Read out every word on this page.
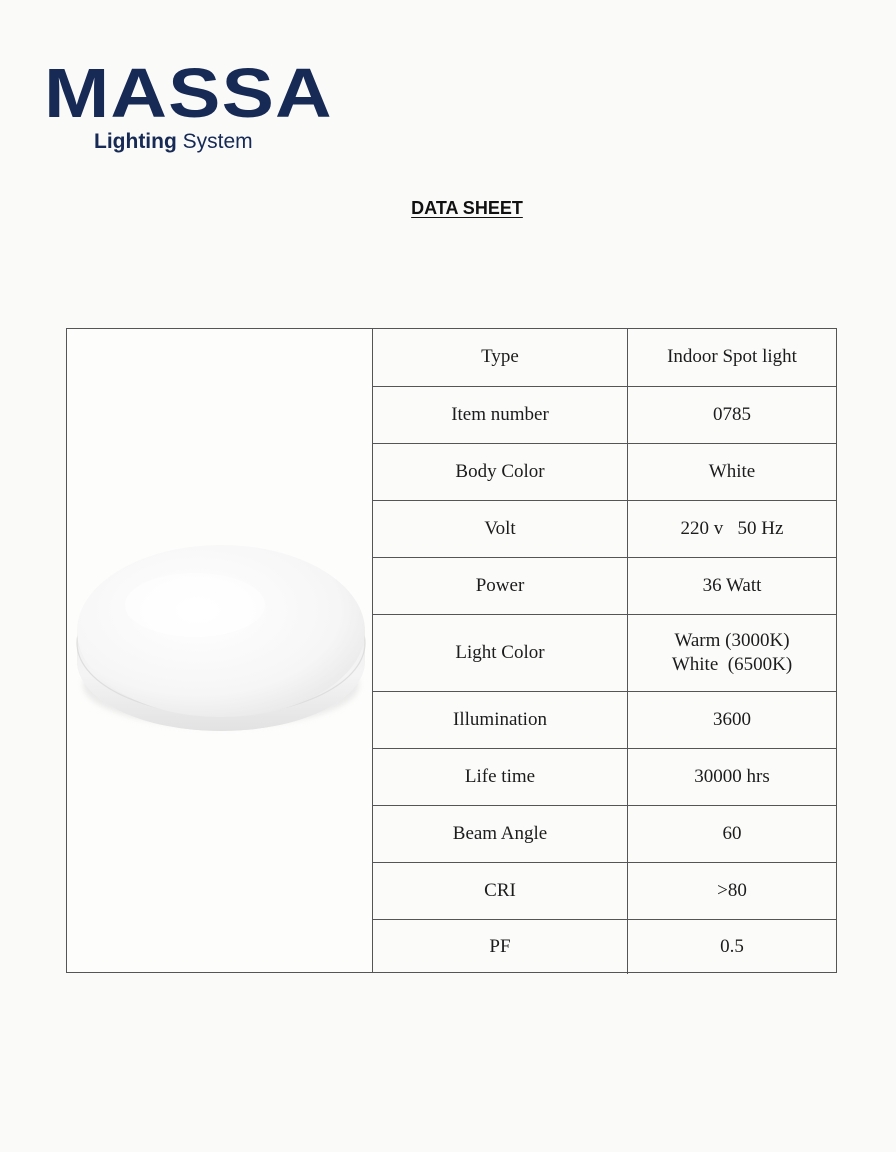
MASSA
Lighting System
DATA SHEET
Type	Indoor Spot light

Item number	0785

Body Color	White

Volt	220 v   50 Hz

Power	36 Watt

Light Color	Warm (3000K)
White  (6500K)

Illumination	3600

Life time	30000 hrs

Beam Angle	60

CRI	>80

PF	0.5
